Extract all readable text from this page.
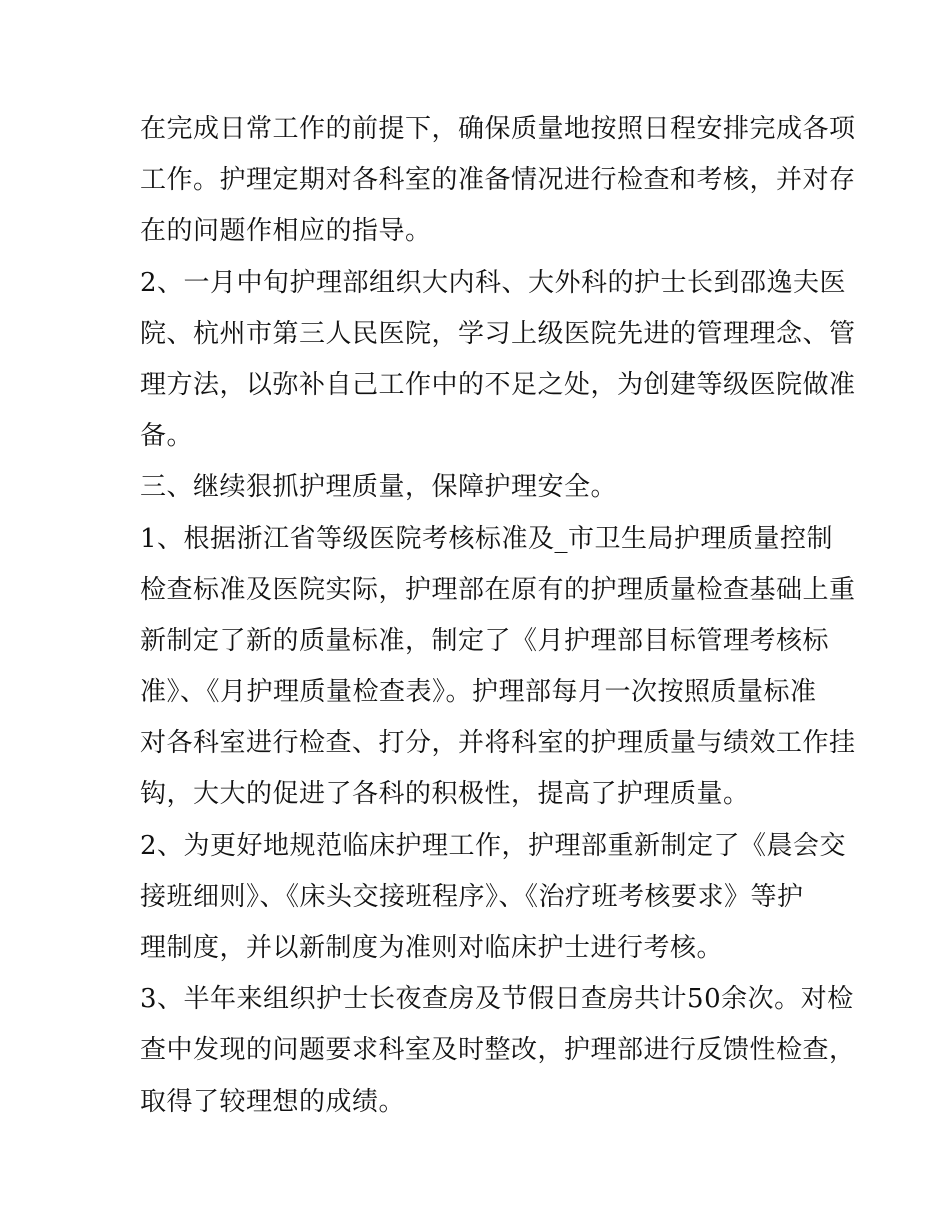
在完成日常工作的前提下，确保质量地按照日程安排完成各项
工作。护理定期对各科室的准备情况进行检查和考核，并对存
在的问题作相应的指导。
2、一月中旬护理部组织大内科、大外科的护士长到邵逸夫医
院、杭州市第三人民医院，学习上级医院先进的管理理念、管
理方法，以弥补自己工作中的不足之处，为创建等级医院做准
备。
三、继续狠抓护理质量，保障护理安全。
1、根据浙江省等级医院考核标准及_市卫生局护理质量控制
检查标准及医院实际，护理部在原有的护理质量检查基础上重
新制定了新的质量标准，制定了《月护理部目标管理考核标
准》、《月护理质量检查表》。护理部每月一次按照质量标准
对各科室进行检查、打分，并将科室的护理质量与绩效工作挂
钩，大大的促进了各科的积极性，提高了护理质量。
2、为更好地规范临床护理工作，护理部重新制定了《晨会交
接班细则》、《床头交接班程序》、《治疗班考核要求》等护
理制度，并以新制度为准则对临床护士进行考核。
3、半年来组织护士长夜查房及节假日查房共计50余次。对检
查中发现的问题要求科室及时整改，护理部进行反馈性检查，
取得了较理想的成绩。
